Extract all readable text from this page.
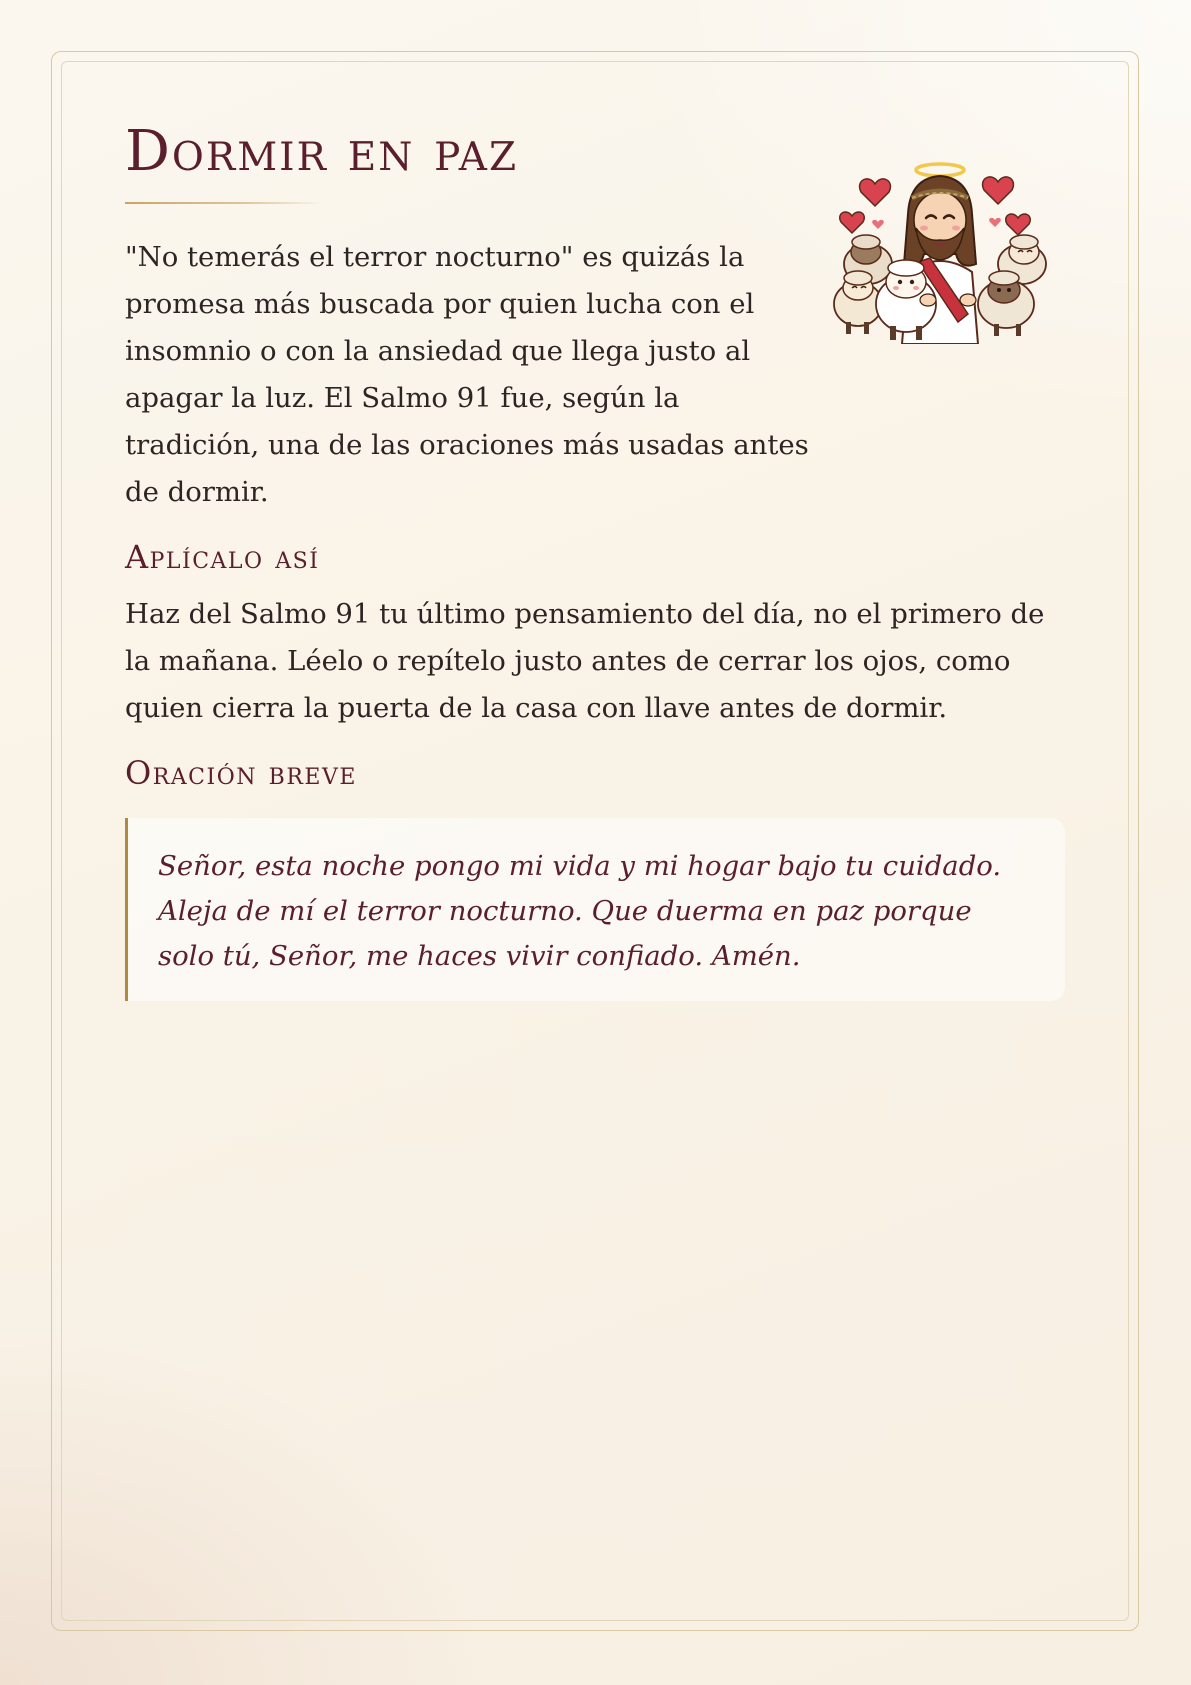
Dormir en paz

"No temerás el terror nocturno" es quizás la promesa más buscada por quien lucha con el insomnio o con la ansiedad que llega justo al apagar la luz. El Salmo 91 fue, según la tradición, una de las oraciones más usadas antes de dormir.

Aplícalo así

Haz del Salmo 91 tu último pensamiento del día, no el primero de la mañana. Léelo o repítelo justo antes de cerrar los ojos, como quien cierra la puerta de la casa con llave antes de dormir.

Oración breve

Señor, esta noche pongo mi vida y mi hogar bajo tu cuidado. Aleja de mí el terror nocturno. Que duerma en paz porque solo tú, Señor, me haces vivir confiado. Amén.
